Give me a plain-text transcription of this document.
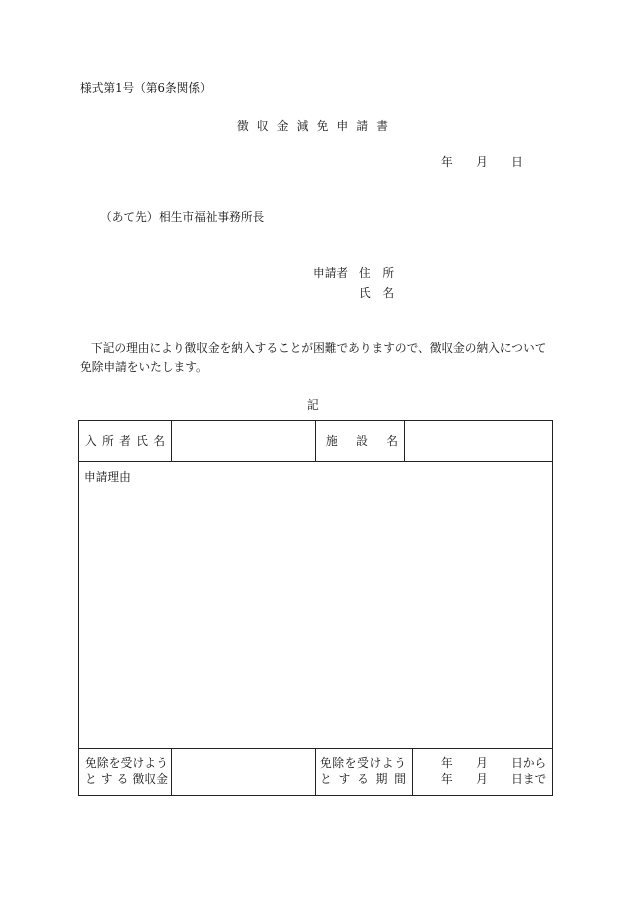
様式第1号（第6条関係）
徴 収 金 減 免 申 請 書
年　　月　　日
（あて先） 相生市福祉事務所長
申請者 住　所
氏　名
下記の理由により徴収金を納入することが困難でありますので、徴収金の納入について
免除申請をいたします。
記
入 所 者 氏 名	施　設　名
申請理由
免除を受けよう
と す る 徴収金
免除を受けよう
と す る 期 間
年　　月　　日から
年　　月　　日まで
